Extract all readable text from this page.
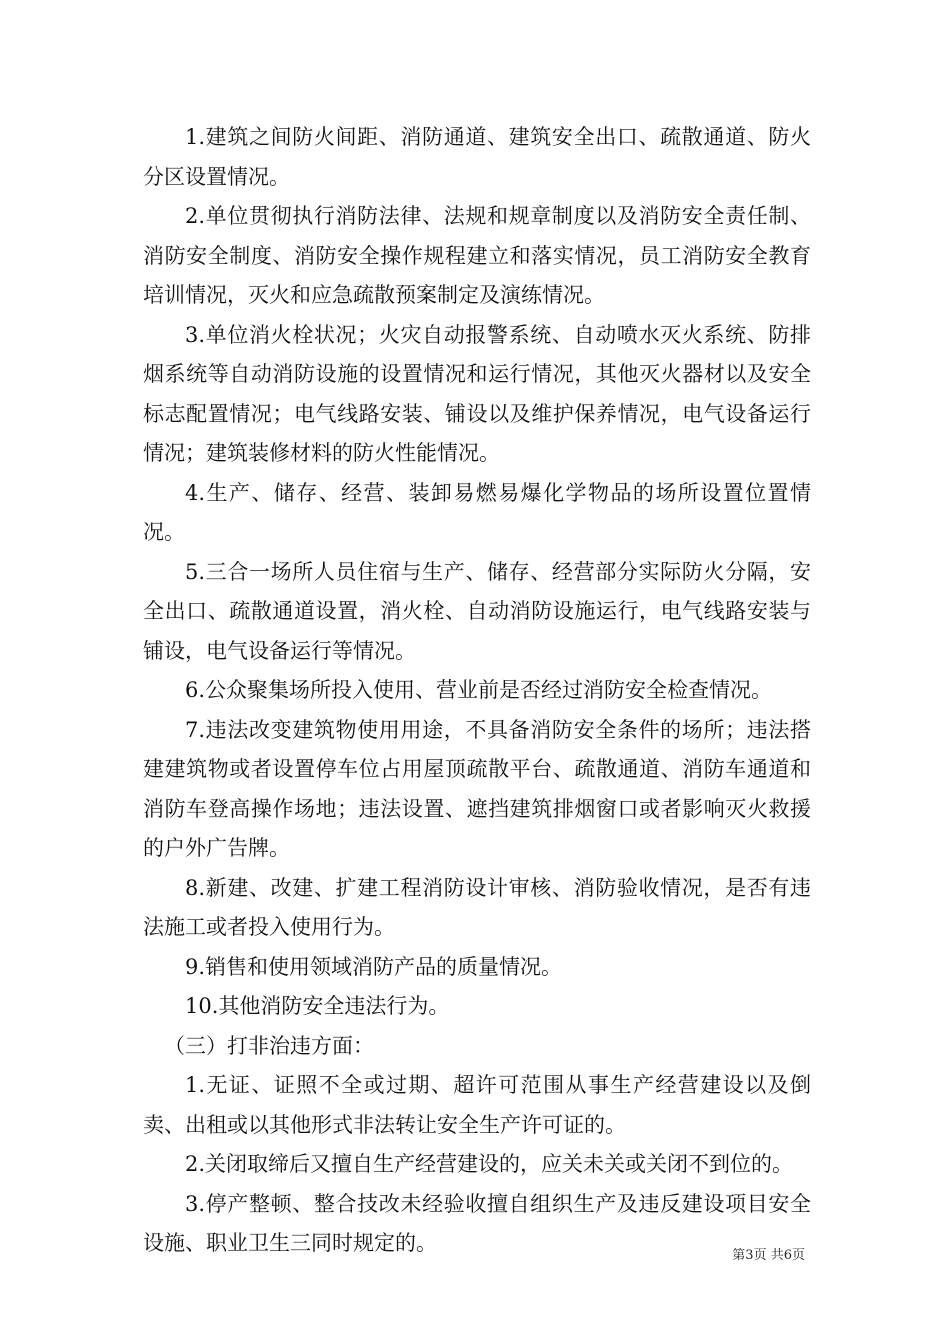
1.建筑之间防火间距、消防通道、建筑安全出口、疏散通道、防火分区设置情况。

2.单位贯彻执行消防法律、法规和规章制度以及消防安全责任制、消防安全制度、消防安全操作规程建立和落实情况，员工消防安全教育培训情况，灭火和应急疏散预案制定及演练情况。

3.单位消火栓状况；火灾自动报警系统、自动喷水灭火系统、防排烟系统等自动消防设施的设置情况和运行情况，其他灭火器材以及安全标志配置情况；电气线路安装、铺设以及维护保养情况，电气设备运行情况；建筑装修材料的防火性能情况。

4.生产、储存、经营、装卸易燃易爆化学物品的场所设置位置情况。

5.三合一场所人员住宿与生产、储存、经营部分实际防火分隔，安全出口、疏散通道设置，消火栓、自动消防设施运行，电气线路安装与铺设，电气设备运行等情况。

6.公众聚集场所投入使用、营业前是否经过消防安全检查情况。

7.违法改变建筑物使用用途，不具备消防安全条件的场所；违法搭建建筑物或者设置停车位占用屋顶疏散平台、疏散通道、消防车通道和消防车登高操作场地；违法设置、遮挡建筑排烟窗口或者影响灭火救援的户外广告牌。

8.新建、改建、扩建工程消防设计审核、消防验收情况，是否有违法施工或者投入使用行为。

9.销售和使用领域消防产品的质量情况。

10.其他消防安全违法行为。

（三）打非治违方面：

1.无证、证照不全或过期、超许可范围从事生产经营建设以及倒卖、出租或以其他形式非法转让安全生产许可证的。

2.关闭取缔后又擅自生产经营建设的，应关未关或关闭不到位的。

3.停产整顿、整合技改未经验收擅自组织生产及违反建设项目安全设施、职业卫生三同时规定的。

第3页 共6页
